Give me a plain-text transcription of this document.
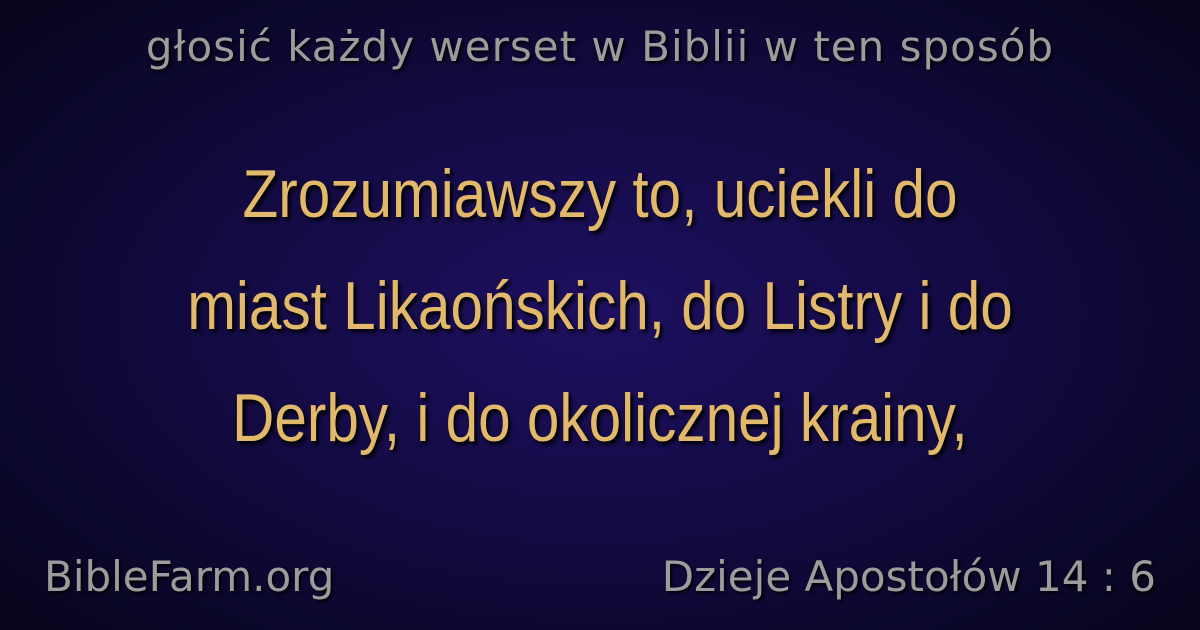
głosić każdy werset w Biblii w ten sposób
Zrozumiawszy to, uciekli do
miast Likaońskich, do Listry i do
Derby, i do okolicznej krainy,
BibleFarm.org	Dzieje Apostołów 14 : 6
